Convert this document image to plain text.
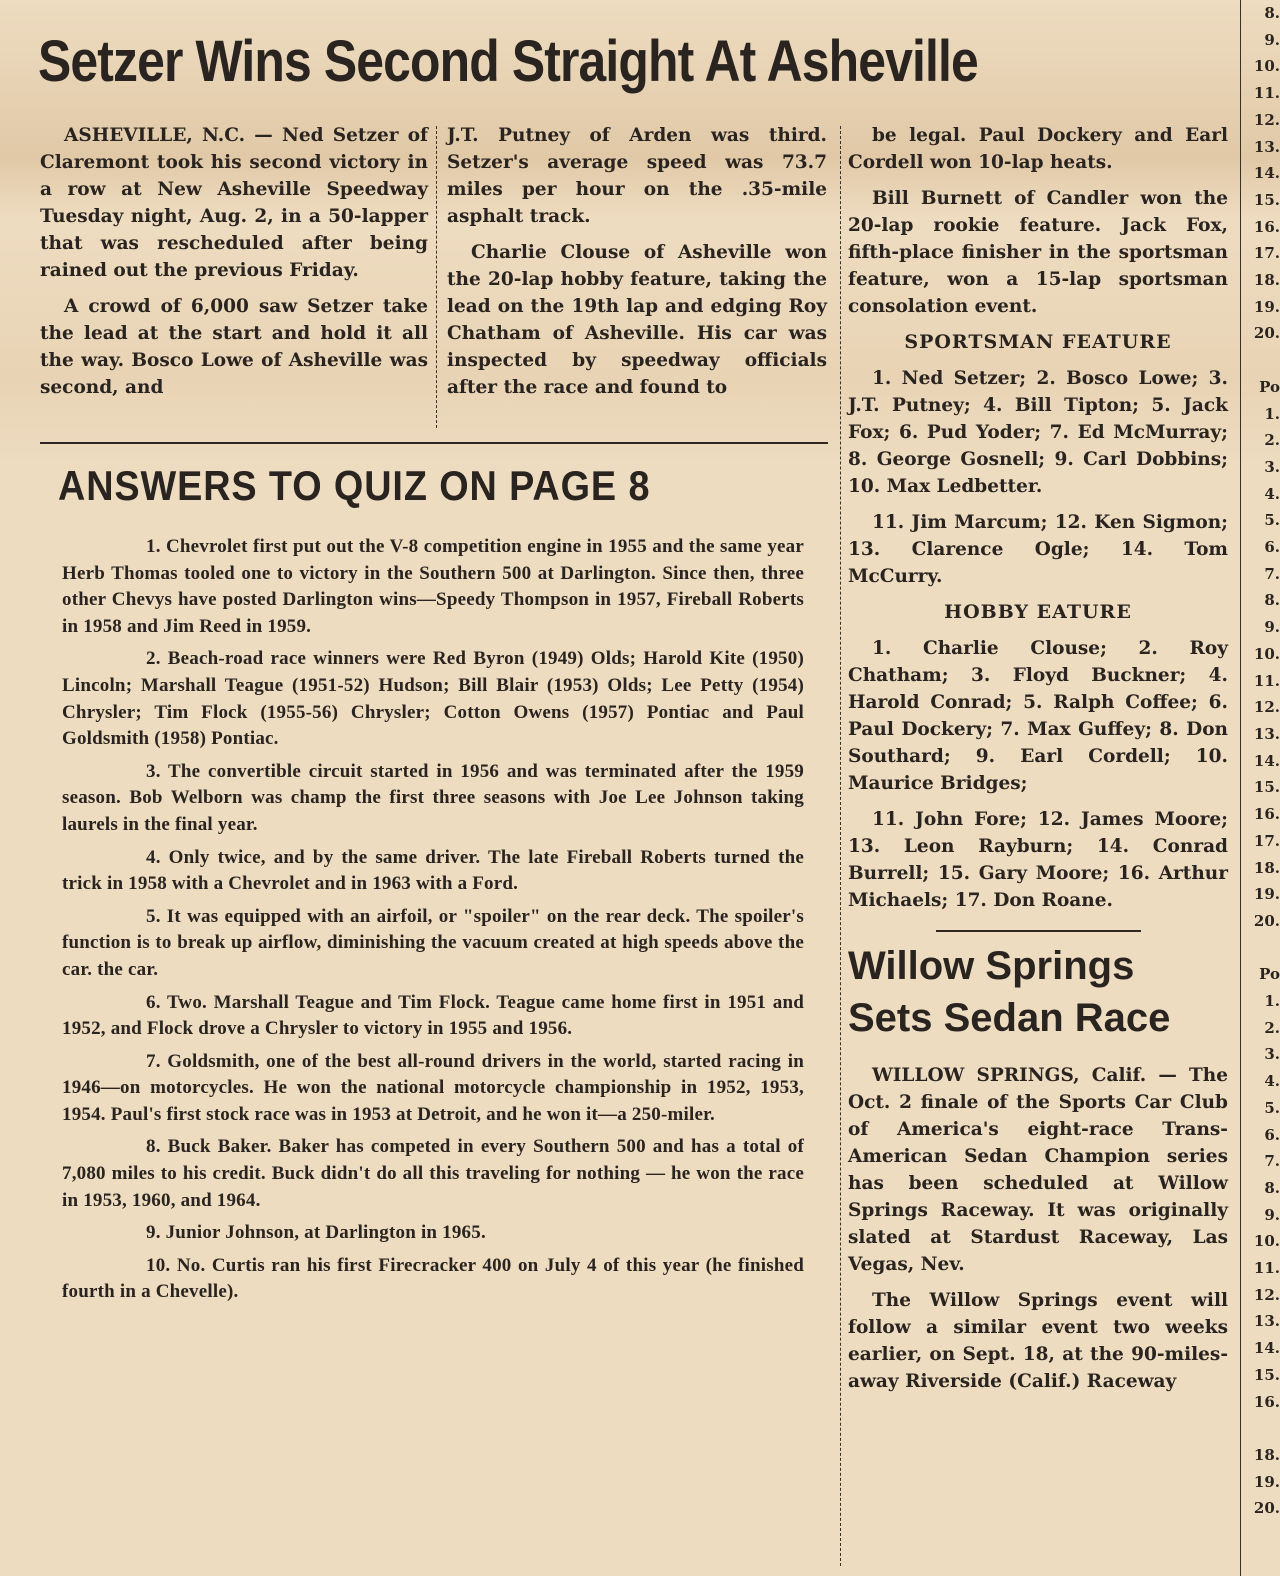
Setzer Wins Second Straight At Asheville

ASHEVILLE, N.C. — Ned Setzer of Claremont took his second victory in a row at New Asheville Speedway Tuesday night, Aug. 2, in a 50-lapper that was rescheduled after being rained out the previous Friday.

A crowd of 6,000 saw Setzer take the lead at the start and hold it all the way. Bosco Lowe of Asheville was second, and

J.T. Putney of Arden was third. Setzer's average speed was 73.7 miles per hour on the .35-mile asphalt track.

Charlie Clouse of Asheville won the 20-lap hobby feature, taking the lead on the 19th lap and edging Roy Chatham of Asheville. His car was inspected by speedway officials after the race and found to

be legal. Paul Dockery and Earl Cordell won 10-lap heats.

Bill Burnett of Candler won the 20-lap rookie feature. Jack Fox, fifth-place finisher in the sportsman feature, won a 15-lap sportsman consolation event.

SPORTSMAN FEATURE

1. Ned Setzer; 2. Bosco Lowe; 3. J.T. Putney; 4. Bill Tipton; 5. Jack Fox; 6. Pud Yoder; 7. Ed McMurray; 8. George Gosnell; 9. Carl Dobbins; 10. Max Ledbetter.

11. Jim Marcum; 12. Ken Sigmon; 13. Clarence Ogle; 14. Tom McCurry.

HOBBY EATURE

1. Charlie Clouse; 2. Roy Chatham; 3. Floyd Buckner; 4. Harold Conrad; 5. Ralph Coffee; 6. Paul Dockery; 7. Max Guffey; 8. Don Southard; 9. Earl Cordell; 10. Maurice Bridges;

11. John Fore; 12. James Moore; 13. Leon Rayburn; 14. Conrad Burrell; 15. Gary Moore; 16. Arthur Michaels; 17. Don Roane.

Willow Springs
Sets Sedan Race

WILLOW SPRINGS, Calif. — The Oct. 2 finale of the Sports Car Club of America's eight-race Trans-American Sedan Champion series has been scheduled at Willow Springs Raceway. It was originally slated at Stardust Raceway, Las Vegas, Nev.

The Willow Springs event will follow a similar event two weeks earlier, on Sept. 18, at the 90-miles-away Riverside (Calif.) Raceway

ANSWERS TO QUIZ ON PAGE 8

1. Chevrolet first put out the V-8 competition engine in 1955 and the same year Herb Thomas tooled one to victory in the Southern 500 at Darlington. Since then, three other Chevys have posted Darlington wins—Speedy Thompson in 1957, Fireball Roberts in 1958 and Jim Reed in 1959.

2. Beach-road race winners were Red Byron (1949) Olds; Harold Kite (1950) Lincoln; Marshall Teague (1951-52) Hudson; Bill Blair (1953) Olds; Lee Petty (1954) Chrysler; Tim Flock (1955-56) Chrysler; Cotton Owens (1957) Pontiac and Paul Goldsmith (1958) Pontiac.

3. The convertible circuit started in 1956 and was terminated after the 1959 season. Bob Welborn was champ the first three seasons with Joe Lee Johnson taking laurels in the final year.

4. Only twice, and by the same driver. The late Fireball Roberts turned the trick in 1958 with a Chevrolet and in 1963 with a Ford.

5. It was equipped with an airfoil, or "spoiler" on the rear deck. The spoiler's function is to break up airflow, diminishing the vacuum created at high speeds above the car. the car.

6. Two. Marshall Teague and Tim Flock. Teague came home first in 1951 and 1952, and Flock drove a Chrysler to victory in 1955 and 1956.

7. Goldsmith, one of the best all-round drivers in the world, started racing in 1946—on motorcycles. He won the national motorcycle championship in 1952, 1953, 1954. Paul's first stock race was in 1953 at Detroit, and he won it—a 250-miler.

8. Buck Baker. Baker has competed in every Southern 500 and has a total of 7,080 miles to his credit. Buck didn't do all this traveling for nothing — he won the race in 1953, 1960, and 1964.

9. Junior Johnson, at Darlington in 1965.

10. No. Curtis ran his first Firecracker 400 on July 4 of this year (he finished fourth in a Chevelle).

8.
9.
10.
11.
12.
13.
14.
15.
16.
17.
18.
19.
20.

Po
1.
2.
3.
4.
5.
6.
7.
8.
9.
10.
11.
12.
13.
14.
15.
16.
17.
18.
19.
20.

Po
1.
2.
3.
4.
5.
6.
7.
8.
9.
10.
11.
12.
13.
14.
15.
16.

18.
19.
20.
